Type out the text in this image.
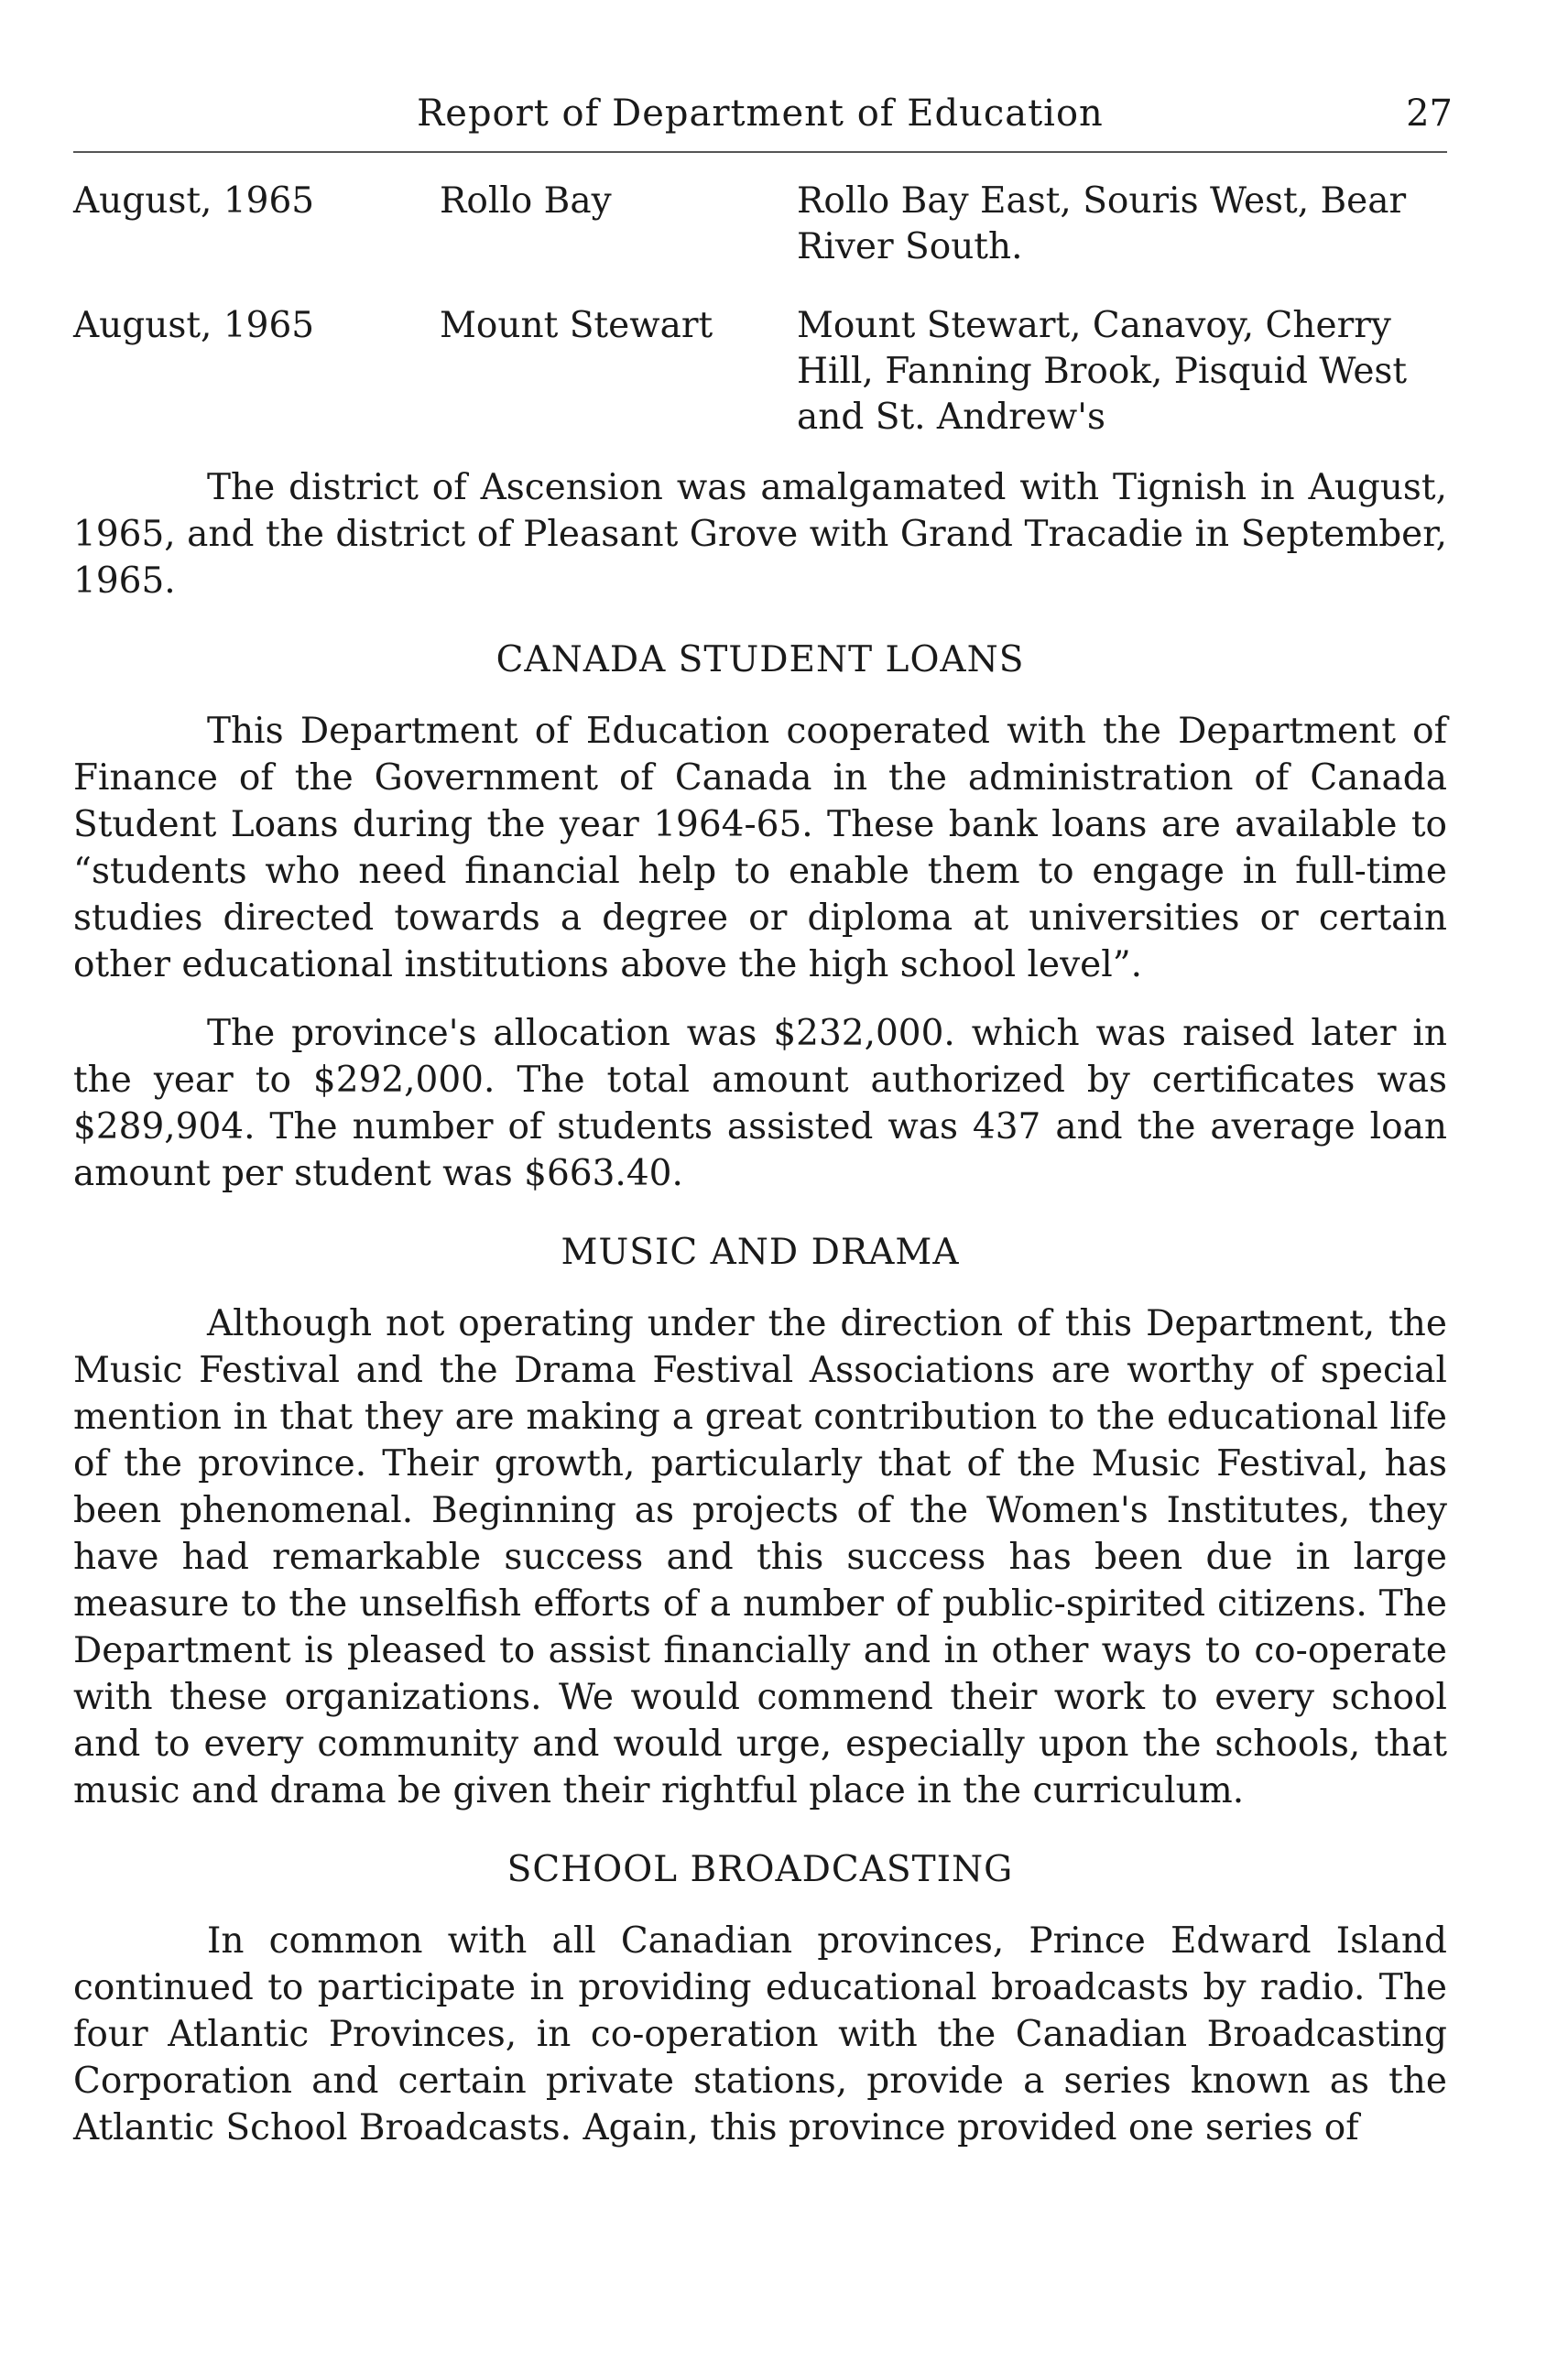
Report of Department of Education	27
August, 1965	Rollo Bay	Rollo Bay East, Souris West, Bear River South.
August, 1965	Mount Stewart	Mount Stewart, Canavoy, Cherry Hill, Fanning Brook, Pisquid West and St. Andrew's

The district of Ascension was amalgamated with Tignish in August, 1965, and the district of Pleasant Grove with Grand Tracadie in September, 1965.

CANADA STUDENT LOANS

This Department of Education cooperated with the Department of Finance of the Government of Canada in the administration of Canada Student Loans during the year 1964-65. These bank loans are available to “students who need financial help to enable them to engage in full-time studies directed towards a degree or diploma at universities or certain other educational institutions above the high school level”.

The province's allocation was $232,000. which was raised later in the year to $292,000. The total amount authorized by certificates was $289,904. The number of students assisted was 437 and the average loan amount per student was $663.40.

MUSIC AND DRAMA

Although not operating under the direction of this Department, the Music Festival and the Drama Festival Associations are worthy of special mention in that they are making a great contribution to the educational life of the province. Their growth, particularly that of the Music Festival, has been phenomenal. Beginning as projects of the Women's Institutes, they have had remarkable success and this success has been due in large measure to the unselfish efforts of a number of public-spirited citizens. The Department is pleased to assist financially and in other ways to co-operate with these organizations. We would commend their work to every school and to every community and would urge, especially upon the schools, that music and drama be given their rightful place in the curriculum.

SCHOOL BROADCASTING

In common with all Canadian provinces, Prince Edward Island continued to participate in providing educational broadcasts by radio. The four Atlantic Provinces, in co-operation with the Canadian Broadcasting Corporation and certain private stations, provide a series known as the Atlantic School Broadcasts. Again, this province provided one series of
